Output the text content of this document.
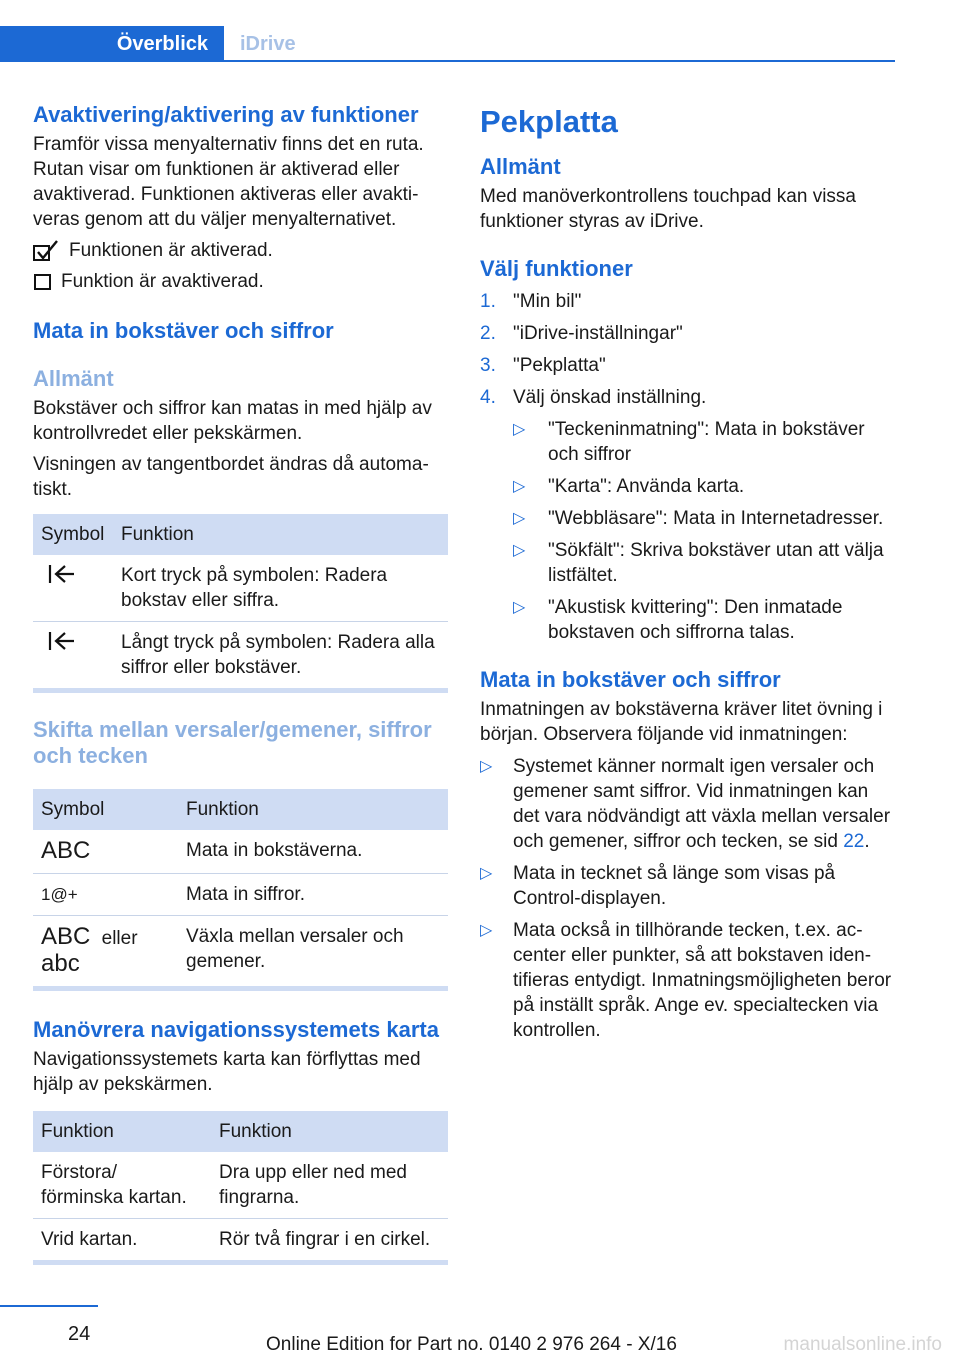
Överblick	iDrive
Avaktivering/aktivering av funktioner

Framför vissa menyalternativ finns det en ruta. Rutan visar om funktionen är aktiverad eller avaktiverad. Funktionen aktiveras eller avaktiveras genom att du väljer menyalternativet.

Funktionen är aktiverad.
Funktion är avaktiverad.
Mata in bokstäver och siffror
Allmänt

Bokstäver och siffror kan matas in med hjälp av kontrollvredet eller pekskärmen.

Visningen av tangentbordet ändras då automatiskt.

Symbol	Funktion
	Kort tryck på symbolen: Radera bokstav eller siffra.
	Långt tryck på symbolen: Radera alla siffror eller bokstäver.
Skifta mellan versaler/gemener, siffror och tecken
Symbol	Funktion
ABC	Mata in bokstäverna.
1@+	Mata in siffror.
ABC eller
abc	Växla mellan versaler och gemener.
Manövrera navigationssystemets karta

Navigationssystemets karta kan förflyttas med hjälp av pekskärmen.

Funktion	Funktion
Förstora/ förminska kartan.	Dra upp eller ned med fingrarna.
Vrid kartan.	Rör två fingrar i en cirkel.
Pekplatta
Allmänt

Med manöverkontrollens touchpad kan vissa funktioner styras av iDrive.

Välj funktioner
1. "Min bil"
2. "iDrive-inställningar"
3. "Pekplatta"
4. Välj önskad inställning.
▷ "Teckeninmatning": Mata in bokstäver och siffror
▷ "Karta": Använda karta.
▷ "Webbläsare": Mata in Internetadresser.
▷ "Sökfält": Skriva bokstäver utan att välja listfältet.
▷ "Akustisk kvittering": Den inmatade bokstaven och siffrorna talas.
Mata in bokstäver och siffror

Inmatningen av bokstäverna kräver litet övning i början. Observera följande vid inmatningen:

▷ Systemet känner normalt igen versaler och gemener samt siffror. Vid inmatningen kan det vara nödvändigt att växla mellan versaler och gemener, siffror och tecken, se sid 22.
▷ Mata in tecknet så länge som visas på Control-displayen.
▷ Mata också in tillhörande tecken, t.ex. accenter eller punkter, så att bokstaven identifieras entydigt. Inmatningsmöjligheten beror på inställt språk. Ange ev. specialtecken via kontrollen.
24	Online Edition for Part no. 0140 2 976 264 - X/16	manualsonline.info
